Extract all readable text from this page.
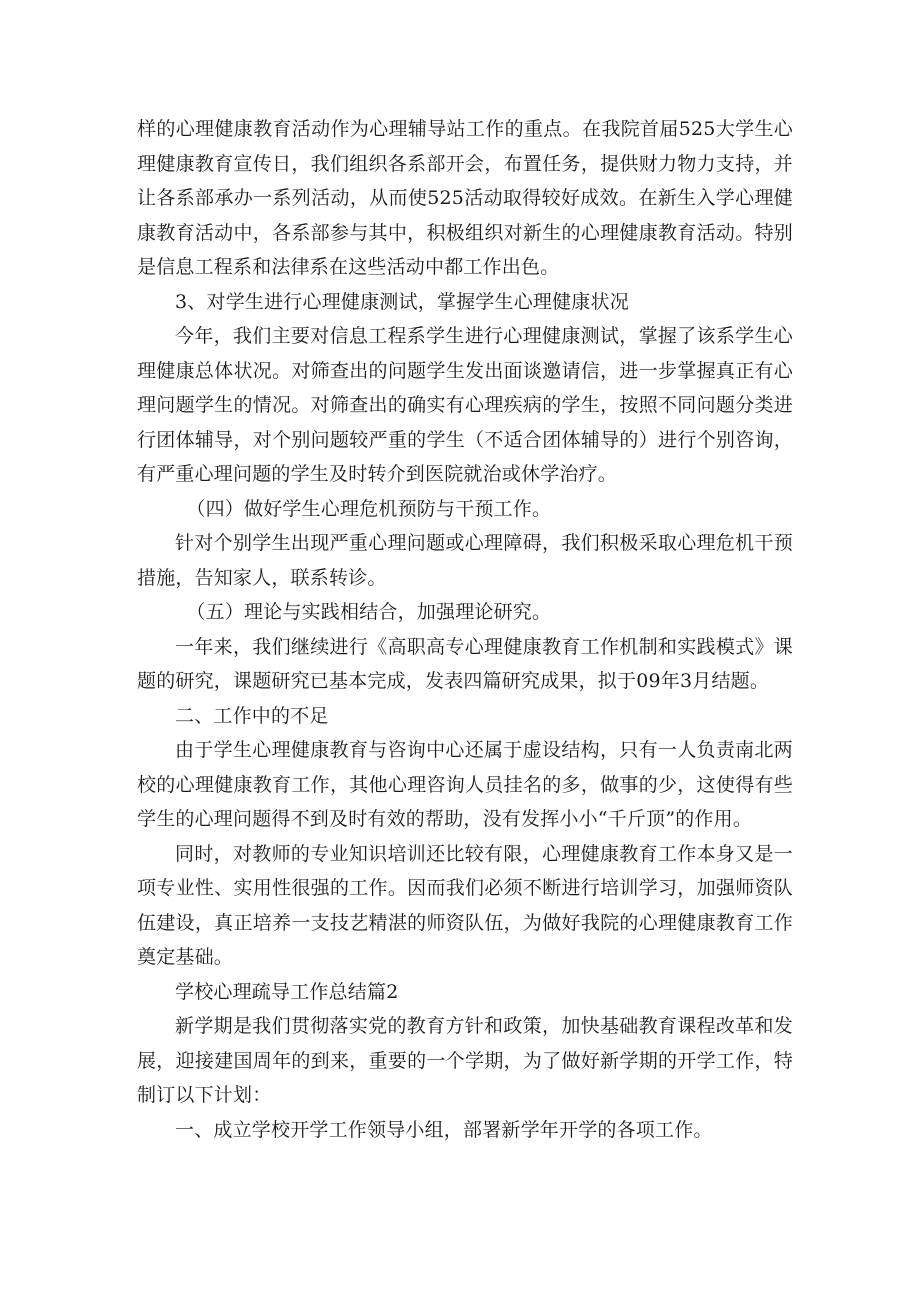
样的心理健康教育活动作为心理辅导站工作的重点。在我院首届525大学生心理健康教育宣传日，我们组织各系部开会，布置任务，提供财力物力支持，并让各系部承办一系列活动，从而使525活动取得较好成效。在新生入学心理健康教育活动中，各系部参与其中，积极组织对新生的心理健康教育活动。特别是信息工程系和法律系在这些活动中都工作出色。

3、对学生进行心理健康测试，掌握学生心理健康状况

今年，我们主要对信息工程系学生进行心理健康测试，掌握了该系学生心理健康总体状况。对筛查出的问题学生发出面谈邀请信，进一步掌握真正有心理问题学生的情况。对筛查出的确实有心理疾病的学生，按照不同问题分类进行团体辅导，对个别问题较严重的学生（不适合团体辅导的）进行个别咨询，有严重心理问题的学生及时转介到医院就治或休学治疗。

（四）做好学生心理危机预防与干预工作。

针对个别学生出现严重心理问题或心理障碍，我们积极采取心理危机干预措施，告知家人，联系转诊。

（五）理论与实践相结合，加强理论研究。

一年来，我们继续进行《高职高专心理健康教育工作机制和实践模式》课题的研究，课题研究已基本完成，发表四篇研究成果，拟于09年3月结题。

二、工作中的不足

由于学生心理健康教育与咨询中心还属于虚设结构，只有一人负责南北两校的心理健康教育工作，其他心理咨询人员挂名的多，做事的少，这使得有些学生的心理问题得不到及时有效的帮助，没有发挥小小“千斤顶”的作用。

同时，对教师的专业知识培训还比较有限，心理健康教育工作本身又是一项专业性、实用性很强的工作。因而我们必须不断进行培训学习，加强师资队伍建设，真正培养一支技艺精湛的师资队伍，为做好我院的心理健康教育工作奠定基础。

学校心理疏导工作总结篇2

新学期是我们贯彻落实党的教育方针和政策，加快基础教育课程改革和发展，迎接建国周年的到来，重要的一个学期，为了做好新学期的开学工作，特制订以下计划：

一、成立学校开学工作领导小组，部署新学年开学的各项工作。
